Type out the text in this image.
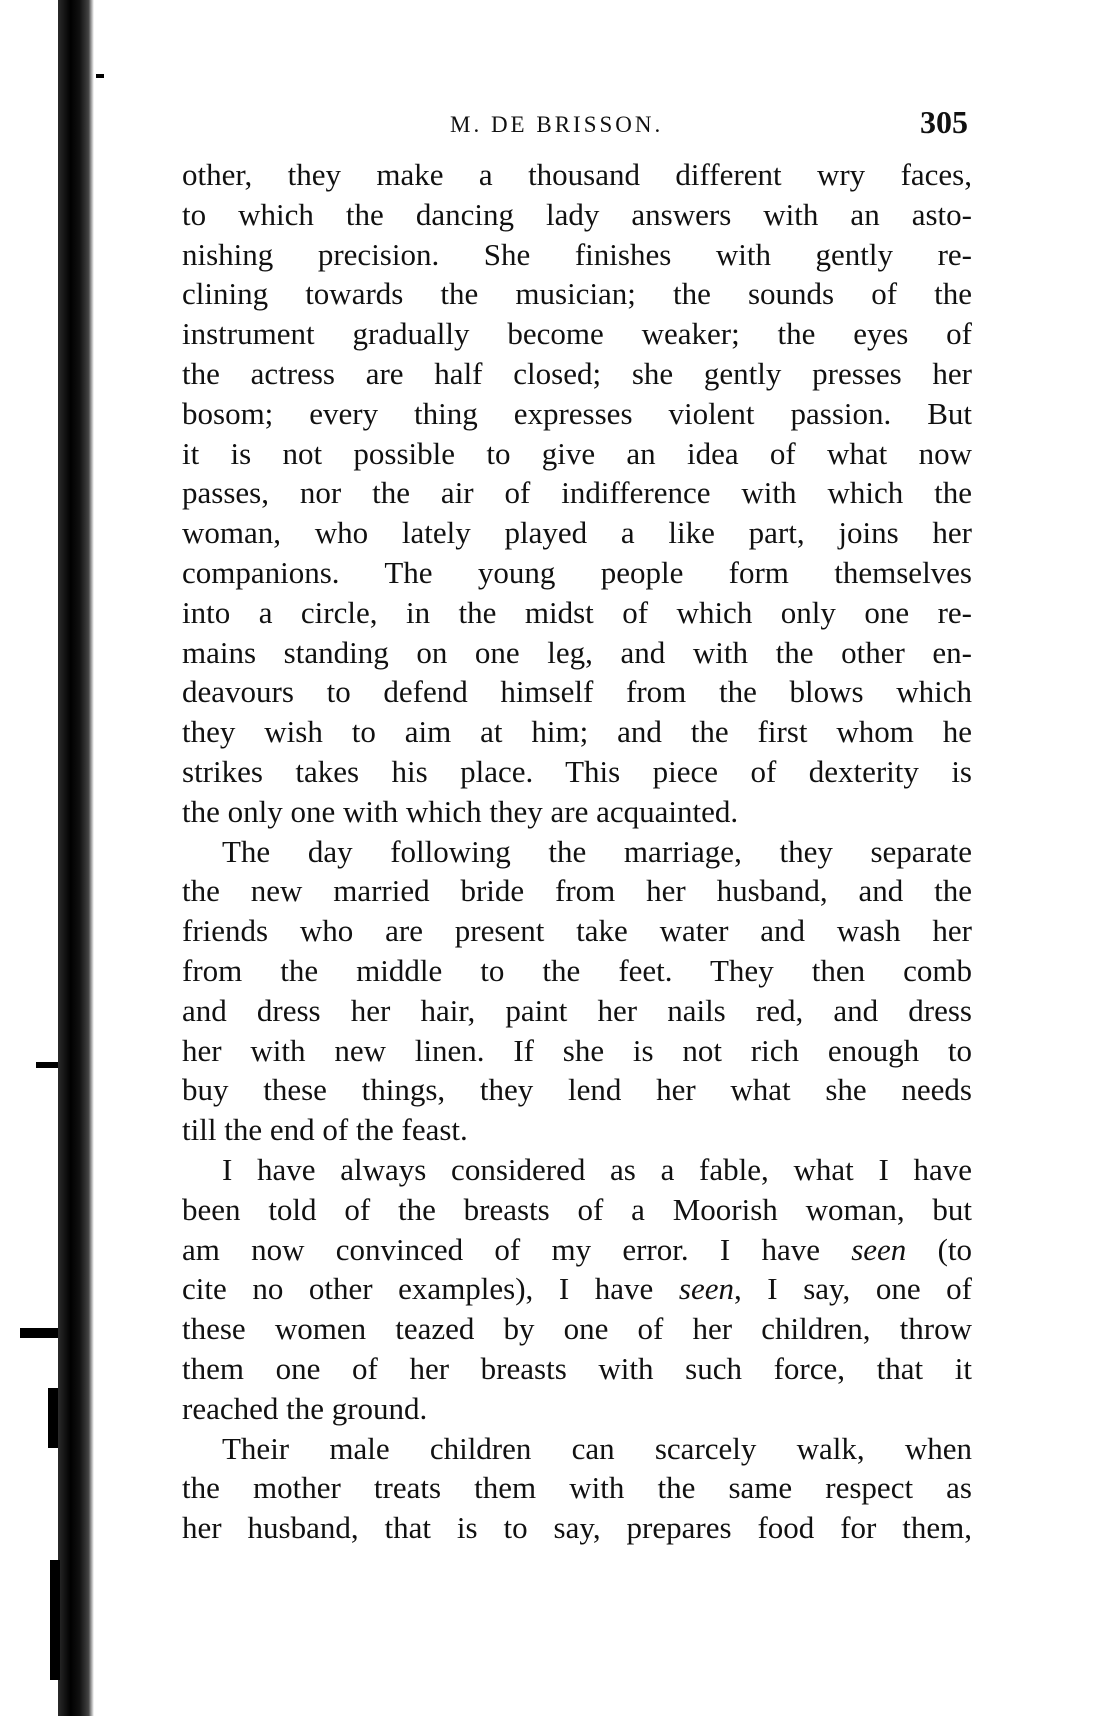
M. DE BRISSON.	305
other, they make a thousand different wry faces,
to which the dancing lady answers with an asto-
nishing precision. She finishes with gently re-
clining towards the musician; the sounds of the
instrument gradually become weaker; the eyes of
the actress are half closed; she gently presses her
bosom; every thing expresses violent passion. But
it is not possible to give an idea of what now
passes, nor the air of indifference with which the
woman, who lately played a like part, joins her
companions. The young people form themselves
into a circle, in the midst of which only one re-
mains standing on one leg, and with the other en-
deavours to defend himself from the blows which
they wish to aim at him; and the first whom he
strikes takes his place. This piece of dexterity is
the only one with which they are acquainted.
The day following the marriage, they separate
the new married bride from her husband, and the
friends who are present take water and wash her
from the middle to the feet. They then comb
and dress her hair, paint her nails red, and dress
her with new linen. If she is not rich enough to
buy these things, they lend her what she needs
till the end of the feast.
I have always considered as a fable, what I have
been told of the breasts of a Moorish woman, but
am now convinced of my error. I have seen (to
cite no other examples), I have seen, I say, one of
these women teazed by one of her children, throw
them one of her breasts with such force, that it
reached the ground.
Their male children can scarcely walk, when
the mother treats them with the same respect as
her husband, that is to say, prepares food for them,
